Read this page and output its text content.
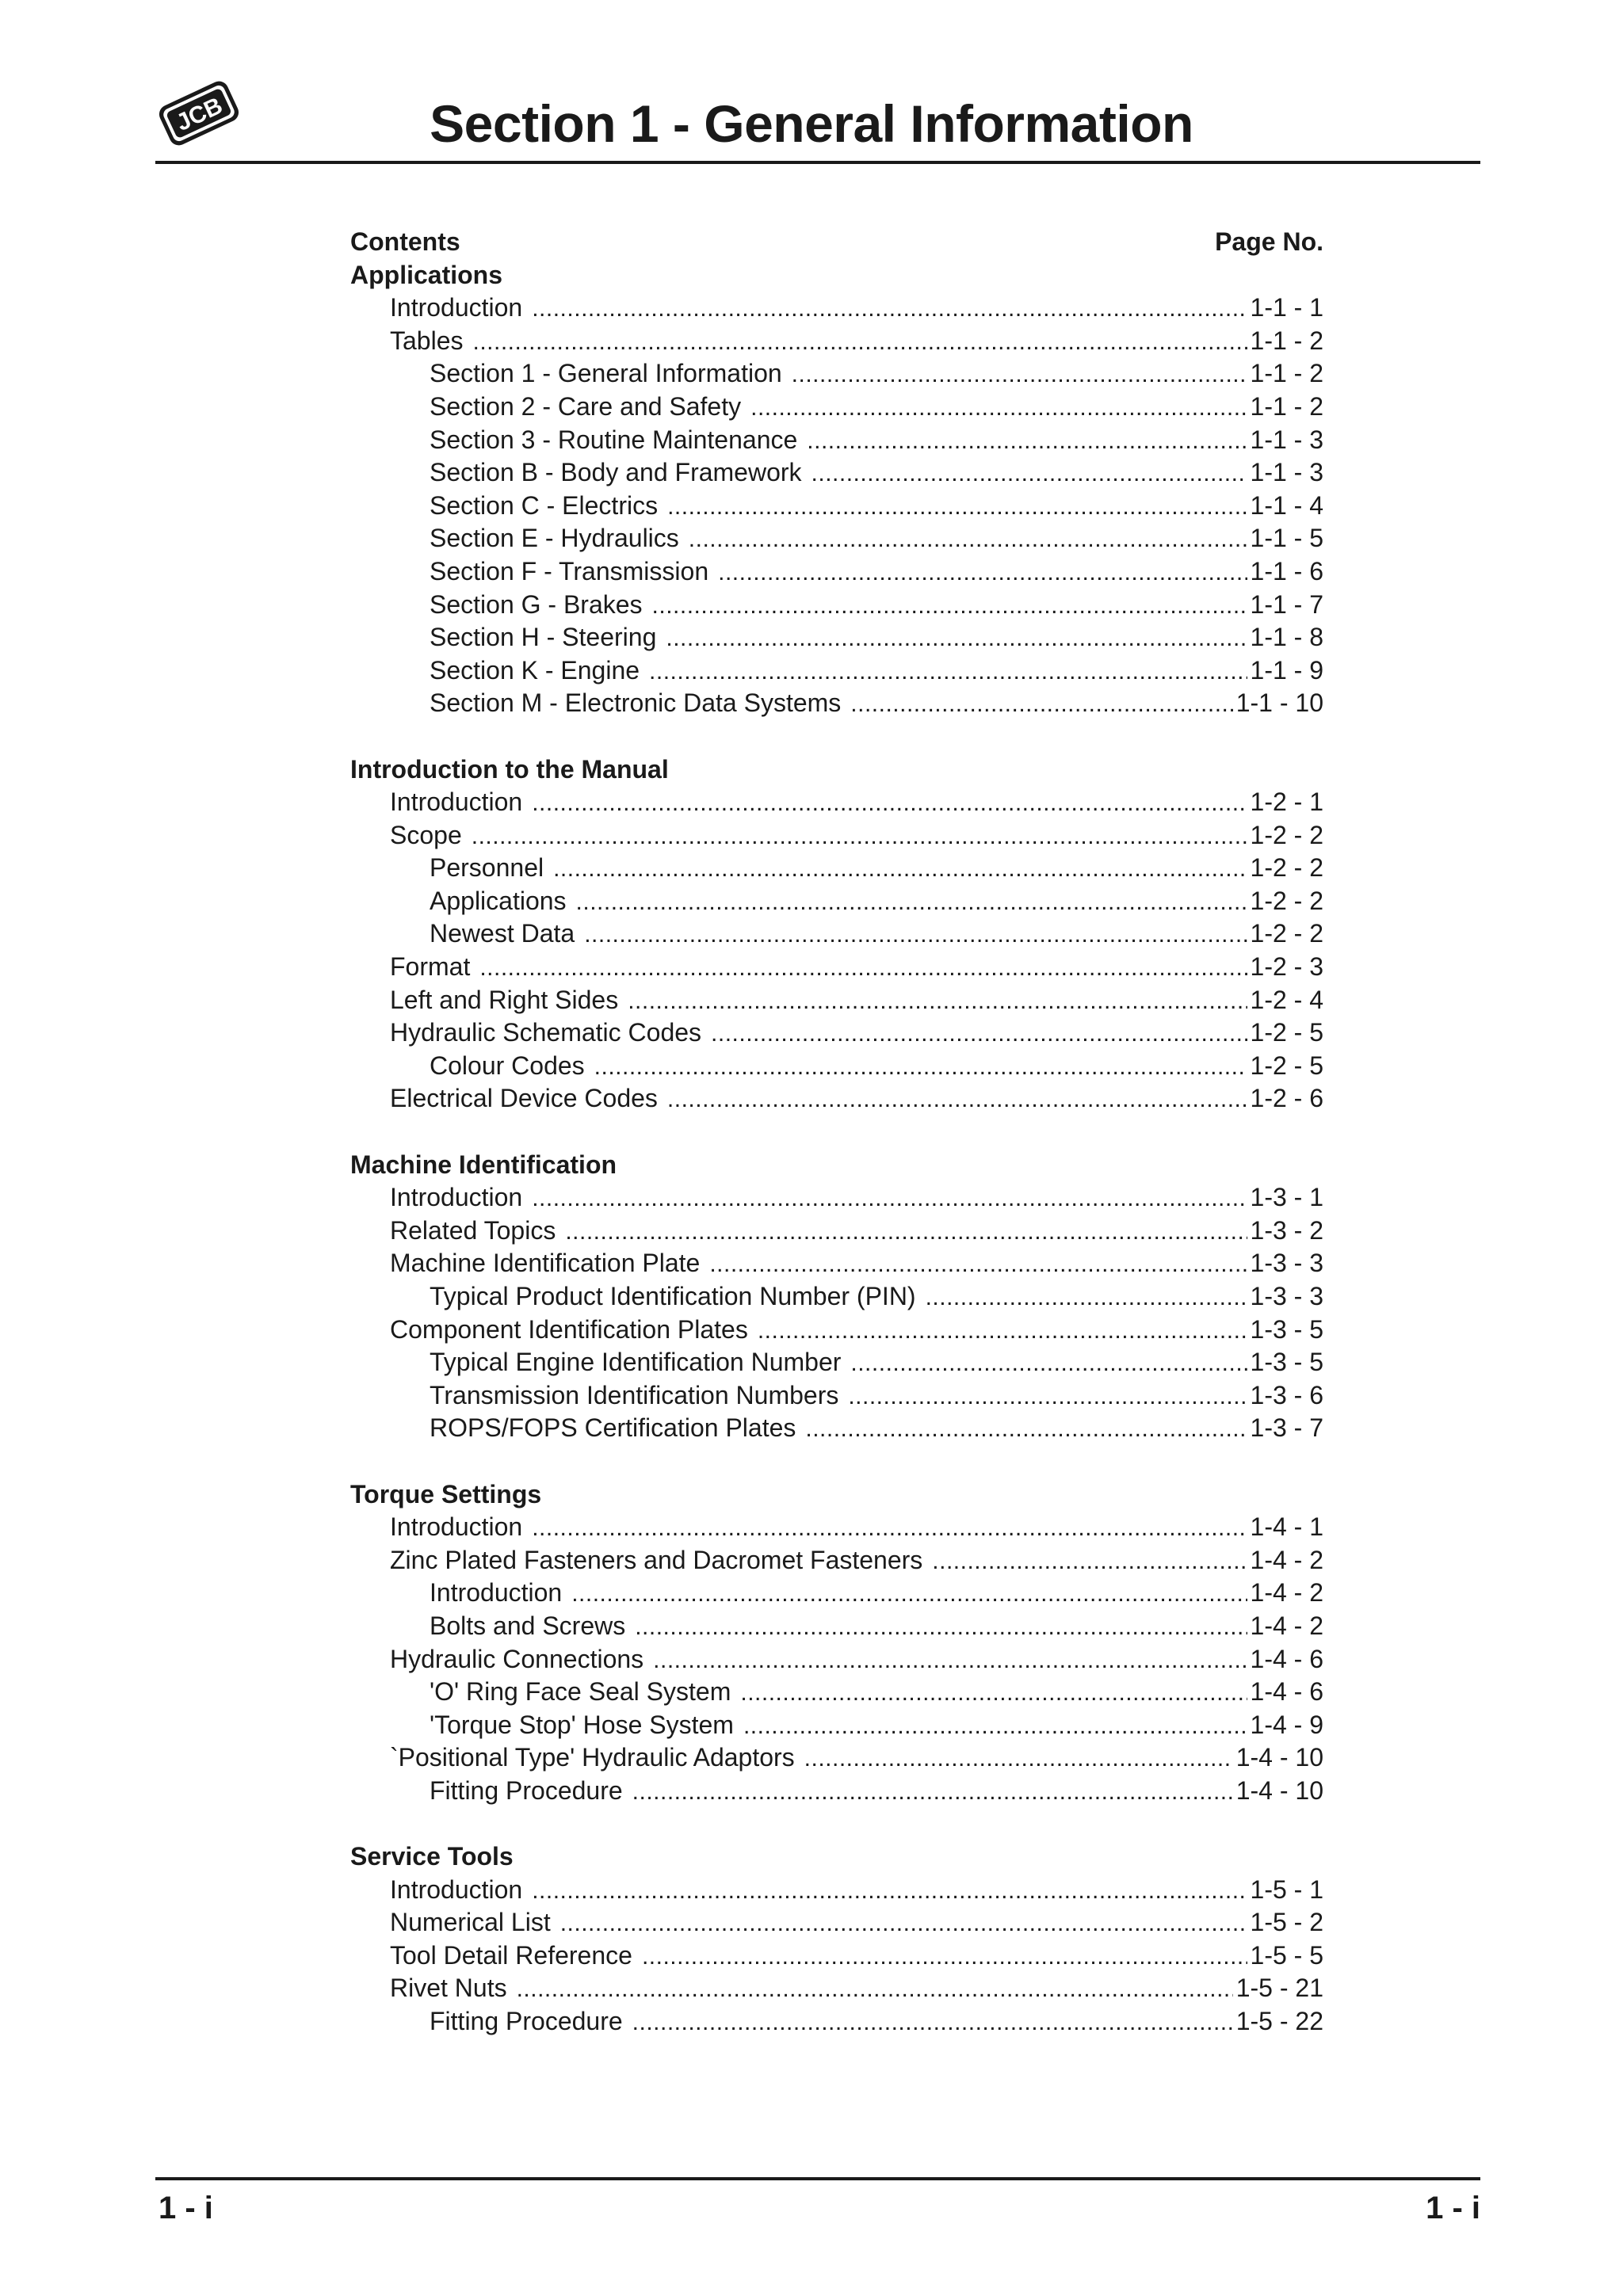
JCB	Section 1 - General Information
Contents	Page No.
Applications
Introduction .....	1-1 - 1
Tables .....	1-1 - 2
Section 1 - General Information .....	1-1 - 2
Section 2 - Care and Safety .....	1-1 - 2
Section 3 - Routine Maintenance .....	1-1 - 3
Section B - Body and Framework .....	1-1 - 3
Section C - Electrics .....	1-1 - 4
Section E - Hydraulics .....	1-1 - 5
Section F - Transmission .....	1-1 - 6
Section G - Brakes .....	1-1 - 7
Section H - Steering .....	1-1 - 8
Section K - Engine .....	1-1 - 9
Section M - Electronic Data Systems .....	1-1 - 10
Introduction to the Manual
Introduction .....	1-2 - 1
Scope .....	1-2 - 2
Personnel .....	1-2 - 2
Applications .....	1-2 - 2
Newest Data .....	1-2 - 2
Format .....	1-2 - 3
Left and Right Sides .....	1-2 - 4
Hydraulic Schematic Codes .....	1-2 - 5
Colour Codes .....	1-2 - 5
Electrical Device Codes .....	1-2 - 6
Machine Identification
Introduction .....	1-3 - 1
Related Topics .....	1-3 - 2
Machine Identification Plate .....	1-3 - 3
Typical Product Identification Number (PIN) .....	1-3 - 3
Component Identification Plates .....	1-3 - 5
Typical Engine Identification Number .....	1-3 - 5
Transmission Identification Numbers .....	1-3 - 6
ROPS/FOPS Certification Plates .....	1-3 - 7
Torque Settings
Introduction .....	1-4 - 1
Zinc Plated Fasteners and Dacromet Fasteners .....	1-4 - 2
Introduction .....	1-4 - 2
Bolts and Screws .....	1-4 - 2
Hydraulic Connections .....	1-4 - 6
'O' Ring Face Seal System .....	1-4 - 6
'Torque Stop' Hose System .....	1-4 - 9
`Positional Type' Hydraulic Adaptors .....	1-4 - 10
Fitting Procedure .....	1-4 - 10
Service Tools
Introduction .....	1-5 - 1
Numerical List .....	1-5 - 2
Tool Detail Reference .....	1-5 - 5
Rivet Nuts .....	1-5 - 21
Fitting Procedure .....	1-5 - 22
1 - i	1 - i
